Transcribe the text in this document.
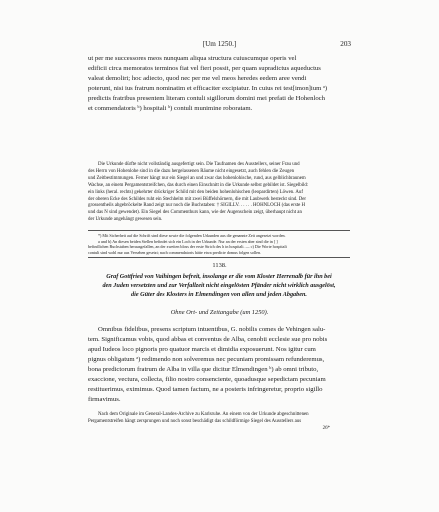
[Um 1250.]	203

ut per me successores meos nunquam aliqua structura cuiuscumque operis vel

edificii circa memoratos terminos fiat vel fieri possit, per quam supradictus aqueductus

valeat demoliri; hoc adiecto, quod nec per me vel meos heredes eedem aree vendi

poterunt, nisi ius fratrum nominatim et efficaciter excipiatur. In cuius rei test[imon]ium ᵃ)

predictis fratribus presentem literam contuli sigillorum domini mei prefati de Hohenloch

et commendatoris ᵇ) hospitali ᵇ) contuli munimine roboratam.

Die Urkunde dürfte nicht vollständig ausgefertigt sein. Die Taufnamen des Ausstellers, seiner Frau und

des Herrn von Hohenlohe sind in die dazu hergelassenen Räume nicht eingesetzt, auch fehlen die Zeugen

und Zeitbestimmungen. Ferner hängt nur ein Siegel an und zwar das hohenlohische, rund, aus gelblichbraunem

Wachse, an einem Pergamentstreifchen, das durch einen Einschnitt in die Urkunde selbst gebildet ist. Siegelbild:

ein links (heral. rechts) gekehrter drückriger Schild mit den beiden hohenlohischen (leopardirten) Löwen. Auf

der oberen Ecke des Schildes ruht ein Stechhelm mit zwei Büffelshörnern, die mit Laubwerk besteckt sind. Der

grossentheils abgebröckelte Rand zeigt nur noch die Buchstaben: † SIGILLV. . . . . . HOHNLOCH (das erste H

und das N sind gewendet). Ein Siegel des Commenthurs kann, wie der Augenschein zeigt, überhaupt nicht an

der Urkunde angehängt gewesen sein.

*) Mit Sicherheit auf die Schrift sind diese sowie die folgenden Urkunden aus die genannte Zeit angesetzt worden.

a und b) An diesen beiden Stellen befindet sich ein Loch in der Urkunde. Nur an der ersten aber sind die in [ ]

befindlichen Buchstaben herausgefallen, an der zweiten bloss der erste Strich des h in hospitali. — c) Die Worte hospitali

contuli sind wohl nur aus Versehen gesetzt; nach commendatoris hätte etwa predicte domus folgen sollen.

1138.

Graf Gottfried von Vaihingen befreit, insolange er die vom Kloster Herrenalb für ihn bei

den Juden versetzten und zur Verfallzeit nicht eingelösten Pfänder nicht wirklich ausgelöst,

die Güter des Klosters in Elmendingen von allen und jeden Abgaben.

Ohne Ort- und Zeitangabe (um 1250).

Omnibus fidelibus, presens scriptum intuentibus, G. nobilis comes de Vehingen salu-

tem. Significamus vobis, quod abbas et conventus de Alba, cenobii ecclesie sue pro nobis

apud Iudeos loco pignoris pro quatuor marcis et dimidia exposuerunt. Nos igitur cum

pignus obligatum ᵃ) redimendo non solveremus nec pecuniam promissam refunderemus,

bona predictorum fratrum de Alba in villa que dicitur Elmendingen ᵇ) ab omni tributo,

exaccione, vectura, collecta, filio nostro consenciente, quoadusque sepedictam pecuniam

restituerimus, eximimus. Quod tamen factum, ne a posteris infringeretur, proprio sigillo

firmavimus.

Nach dem Originale im General-Landes-Archive zu Karlsruhe. An einem von der Urkunde abgeschnittenen

Pergamentstreifen hängt zersprungen und noch sonst beschädigt das schildförmige Siegel des Ausstellers aus

26*
